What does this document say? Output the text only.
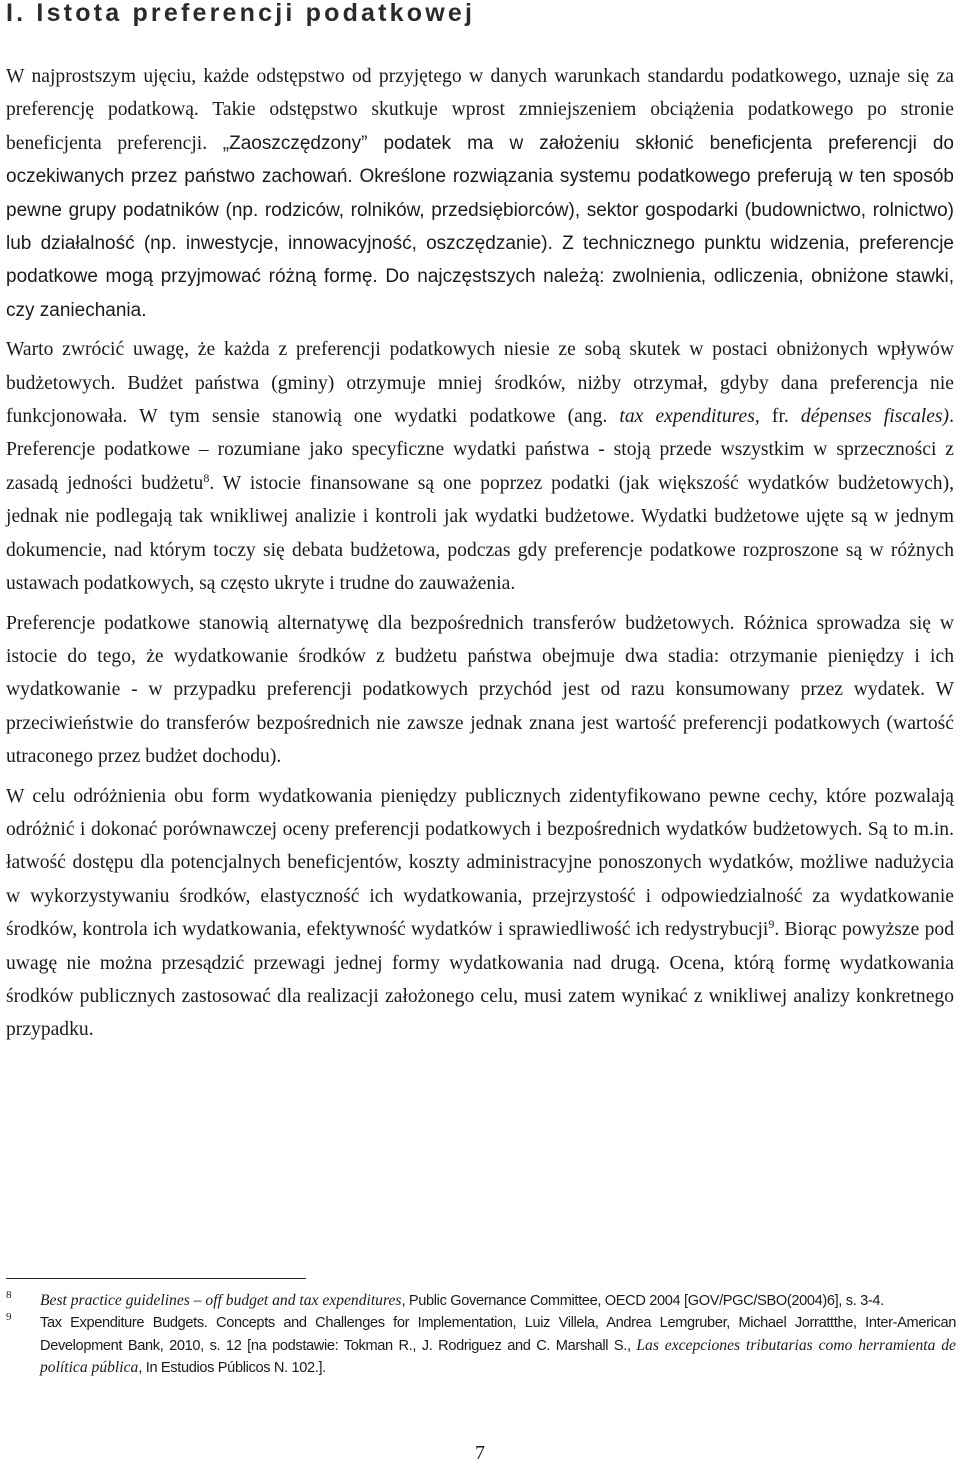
I. Istota preferencji podatkowej

W najprostszym ujęciu, każde odstępstwo od przyjętego w danych warunkach standardu podatkowego, uznaje się za preferencję podatkową. Takie odstępstwo skutkuje wprost zmniejszeniem obciążenia podatkowego po stronie beneficjenta preferencji. „Zaoszczędzony” podatek ma w założeniu skłonić beneficjenta preferencji do oczekiwanych przez państwo zachowań. Określone rozwiązania systemu podatkowego preferują w ten sposób pewne grupy podatników (np. rodziców, rolników, przedsiębiorców), sektor gospodarki (budownictwo, rolnictwo) lub działalność (np. inwestycje, innowacyjność, oszczędzanie). Z technicznego punktu widzenia, preferencje podatkowe mogą przyjmować różną formę. Do najczęstszych należą: zwolnienia, odliczenia, obniżone stawki, czy zaniechania.

Warto zwrócić uwagę, że każda z preferencji podatkowych niesie ze sobą skutek w postaci obniżonych wpływów budżetowych. Budżet państwa (gminy) otrzymuje mniej środków, niżby otrzymał, gdyby dana preferencja nie funkcjonowała. W tym sensie stanowią one wydatki podatkowe (ang. tax expenditures, fr. dépenses fiscales). Preferencje podatkowe – rozumiane jako specyficzne wydatki państwa - stoją przede wszystkim w sprzeczności z zasadą jedności budżetu$^8$. W istocie finansowane są one poprzez podatki (jak większość wydatków budżetowych), jednak nie podlegają tak wnikliwej analizie i kontroli jak wydatki budżetowe. Wydatki budżetowe ujęte są w jednym dokumencie, nad którym toczy się debata budżetowa, podczas gdy preferencje podatkowe rozproszone są w różnych ustawach podatkowych, są często ukryte i trudne do zauważenia.

Preferencje podatkowe stanowią alternatywę dla bezpośrednich transferów budżetowych. Różnica sprowadza się w istocie do tego, że wydatkowanie środków z budżetu państwa obejmuje dwa stadia: otrzymanie pieniędzy i ich wydatkowanie - w przypadku preferencji podatkowych przychód jest od razu konsumowany przez wydatek. W przeciwieństwie do transferów bezpośrednich nie zawsze jednak znana jest wartość preferencji podatkowych (wartość utraconego przez budżet dochodu).

W celu odróżnienia obu form wydatkowania pieniędzy publicznych zidentyfikowano pewne cechy, które pozwalają odróżnić i dokonać porównawczej oceny preferencji podatkowych i bezpośrednich wydatków budżetowych. Są to m.in. łatwość dostępu dla potencjalnych beneficjentów, koszty administracyjne ponoszonych wydatków, możliwe nadużycia w wykorzystywaniu środków, elastyczność ich wydatkowania, przejrzystość i odpowiedzialność za wydatkowanie środków, kontrola ich wydatkowania, efektywność wydatków i sprawiedliwość ich redystrybucji$^9$. Biorąc powyższe pod uwagę nie można przesądzić przewagi jednej formy wydatkowania nad drugą. Ocena, którą formę wydatkowania środków publicznych zastosować dla realizacji założonego celu, musi zatem wynikać z wnikliwej analizy konkretnego przypadku.

8 Best practice guidelines – off budget and tax expenditures, Public Governance Committee, OECD 2004 [GOV/PGC/SBO(2004)6], s. 3-4.
9 Tax Expenditure Budgets. Concepts and Challenges for Implementation, Luiz Villela, Andrea Lemgruber, Michael Jorrattthe, Inter-American Development Bank, 2010, s. 12 [na podstawie: Tokman R., J. Rodriguez and C. Marshall S., Las excepciones tributarias como herramienta de política pública, In Estudios Públicos N. 102.].
7
